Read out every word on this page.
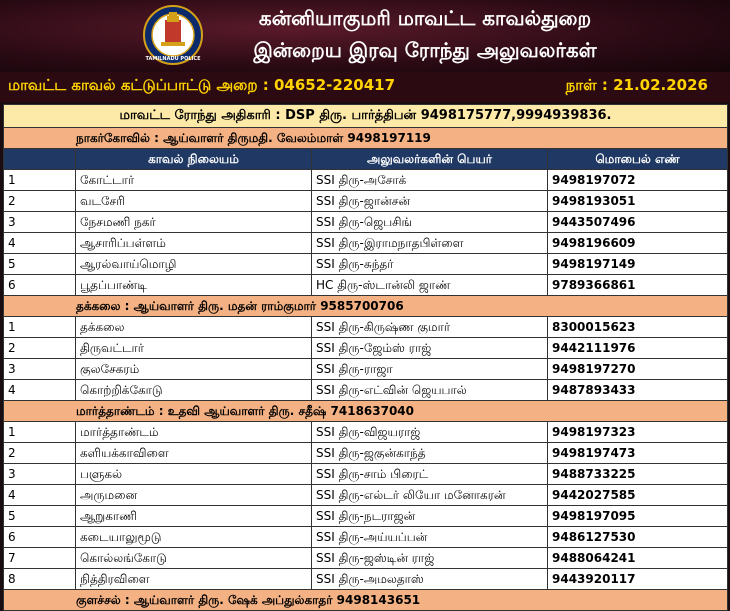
TAMILNADU POLICE
கன்னியாகுமரி மாவட்ட காவல்துறை
இன்றைய இரவு ரோந்து அலுவலர்கள்
மாவட்ட காவல் கட்டுப்பாட்டு அறை : 04652-220417	நாள் : 21.02.2026
மாவட்ட ரோந்து அதிகாரி : DSP திரு. பார்த்திபன் 9498175777,9994939836.			
நாகர்கோவில் : ஆய்வாளர் திருமதி. வேலம்மாள் 9498197119			
	காவல் நிலையம்	அலுவலர்களின் பெயர்	மொபைல் எண்
1	கோட்டார்	SSI திரு-அசோக்	9498197072
2	வடசேரி	SSI திரு-ஜான்சன்	9498193051
3	நேசமணி நகர்	SSI திரு-ஜெபசிங்	9443507496
4	ஆசாரிப்பள்ளம்	SSI திரு-இராமநாதபிள்ளை	9498196609
5	ஆரல்வாய்மொழி	SSI திரு-சுந்தர்	9498197149
6	பூதப்பாண்டி	HC திரு-ஸ்டான்லி ஜாண்	9789366861
தக்கலை : ஆய்வாளர் திரு. மதன் ராம்குமார் 9585700706			
1	தக்கலை	SSI திரு-கிருஷ்ண குமார்	8300015623
2	திருவட்டார்	SSI திரு-ஜேம்ஸ் ராஜ்	9442111976
3	குலசேகரம்	SSI திரு-ராஜா	9498197270
4	கொற்றிக்கோடு	SSI திரு-எட்வின் ஜெயபால்	9487893433
மார்த்தாண்டம் : உதவி ஆய்வாளர் திரு. சதீஷ் 7418637040			
1	மார்த்தாண்டம்	SSI திரு-விஜயராஜ்	9498197323
2	களியக்காவிளை	SSI திரு-ஜகுன்காந்த்	9498197473
3	பளுகல்	SSI திரு-சாம் பிரைட்	9488733225
4	அருமனை	SSI திரு-எல்டர் லியோ மனோகரன்	9442027585
5	ஆறுகாணி	SSI திரு-நடராஜன்	9498197095
6	கடையாலுமூடு	SSI திரு-அய்யப்பன்	9486127530
7	கொல்லங்கோடு	SSI திரு-ஜஸ்டின் ராஜ்	9488064241
8	நித்திரவிளை	SSI திரு-அமலதாஸ்	9443920117
குளச்சல் : ஆய்வாளர் திரு. ஷேக் அப்துல்காதர் 9498143651			
